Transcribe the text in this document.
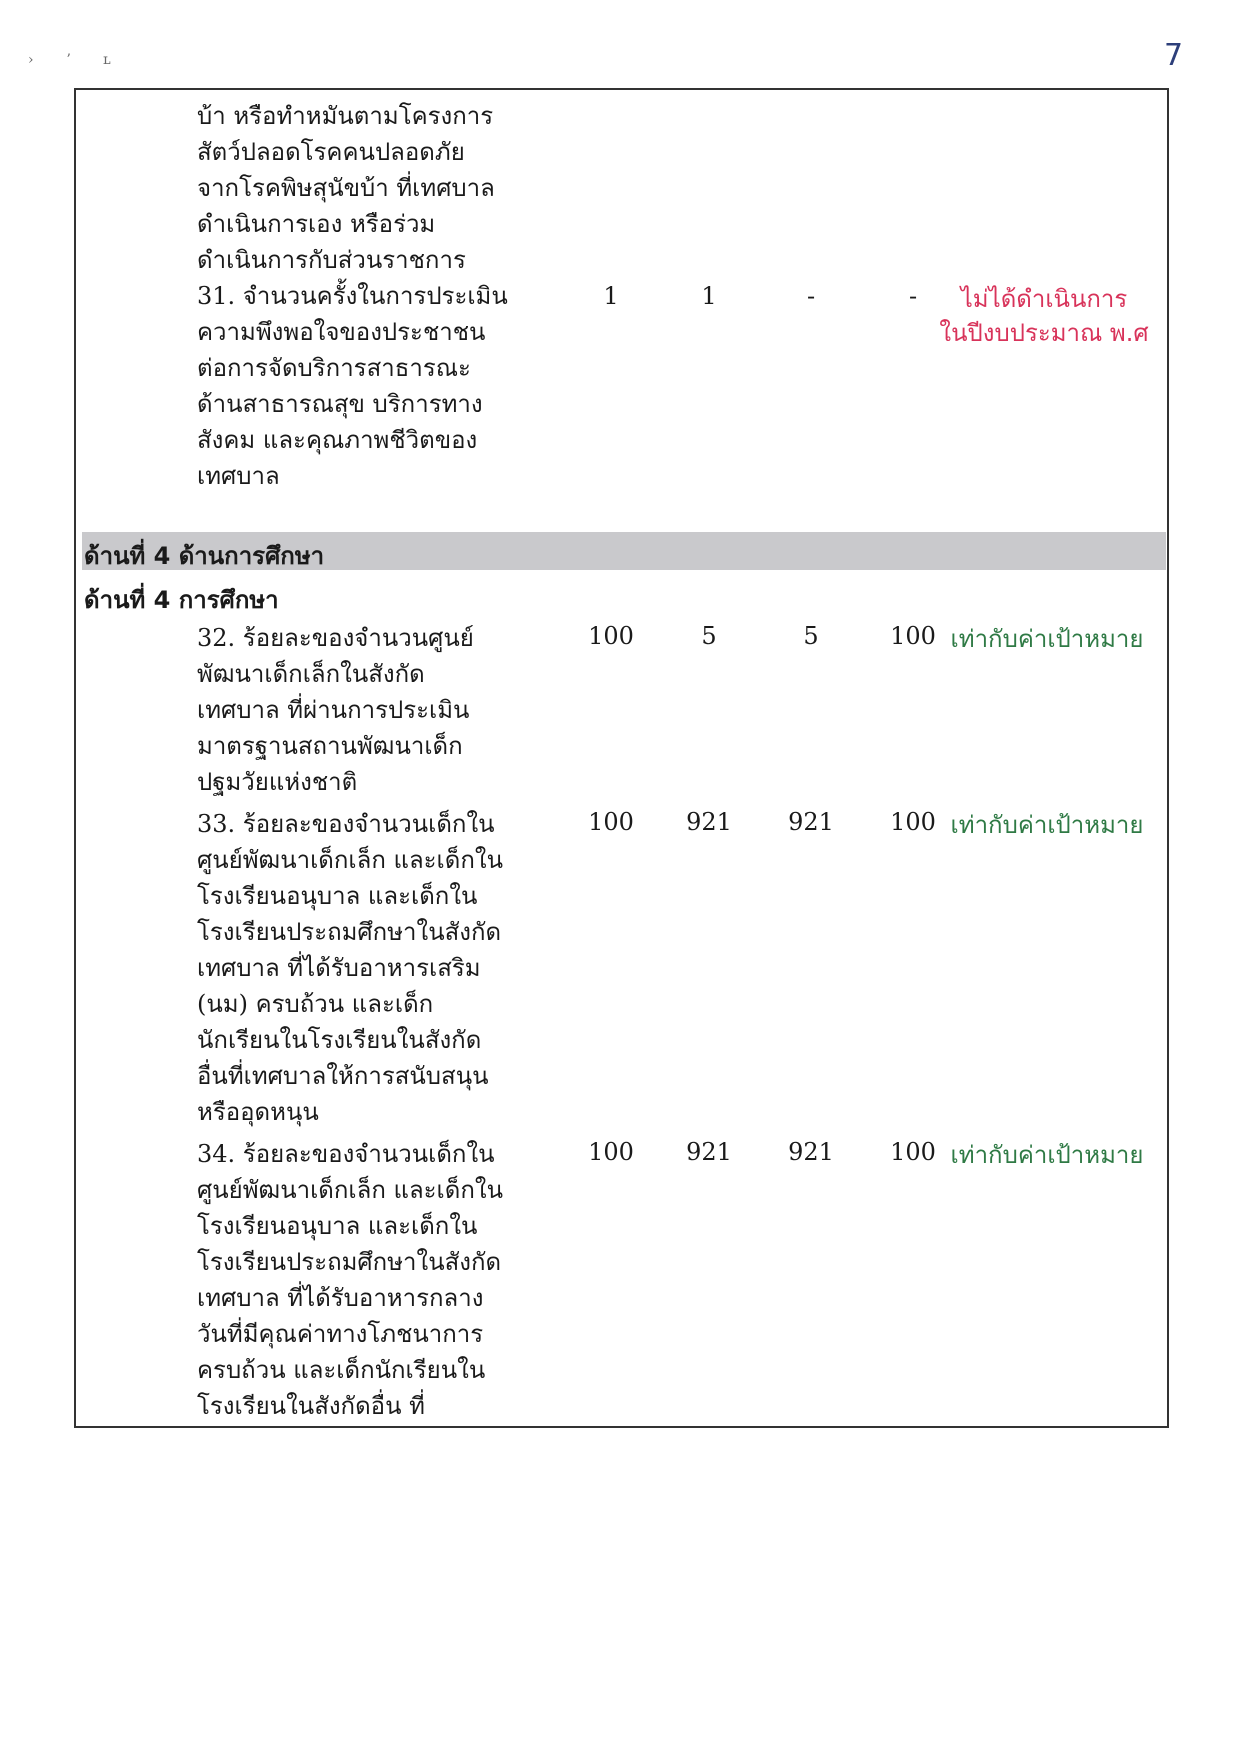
7
› ʼ ʟ
บ้า หรือทำหมันตามโครงการ
สัตว์ปลอดโรคคนปลอดภัย
จากโรคพิษสุนัขบ้า ที่เทศบาล
ดำเนินการเอง หรือร่วม
ดำเนินการกับส่วนราชการ
31. จำนวนครั้งในการประเมิน
ความพึงพอใจของประชาชน
ต่อการจัดบริการสาธารณะ
ด้านสาธารณสุข บริการทาง
สังคม และคุณภาพชีวิตของ
เทศบาล
1	1	-	-	ไม่ได้ดำเนินการ
ในปีงบประมาณ พ.ศ
ด้านที่ 4 ด้านการศึกษา
ด้านที่ 4 การศึกษา
32. ร้อยละของจำนวนศูนย์
พัฒนาเด็กเล็กในสังกัด
เทศบาล ที่ผ่านการประเมิน
มาตรฐานสถานพัฒนาเด็ก
ปฐมวัยแห่งชาติ
100	5	5	100 เท่ากับค่าเป้าหมาย
33. ร้อยละของจำนวนเด็กใน
ศูนย์พัฒนาเด็กเล็ก และเด็กใน
โรงเรียนอนุบาล และเด็กใน
โรงเรียนประถมศึกษาในสังกัด
เทศบาล ที่ได้รับอาหารเสริม
(นม) ครบถ้วน และเด็ก
นักเรียนในโรงเรียนในสังกัด
อื่นที่เทศบาลให้การสนับสนุน
หรืออุดหนุน
100	921	921	100 เท่ากับค่าเป้าหมาย
34. ร้อยละของจำนวนเด็กใน
ศูนย์พัฒนาเด็กเล็ก และเด็กใน
โรงเรียนอนุบาล และเด็กใน
โรงเรียนประถมศึกษาในสังกัด
เทศบาล ที่ได้รับอาหารกลาง
วันที่มีคุณค่าทางโภชนาการ
ครบถ้วน และเด็กนักเรียนใน
โรงเรียนในสังกัดอื่น ที่
100	921	921	100 เท่ากับค่าเป้าหมาย
